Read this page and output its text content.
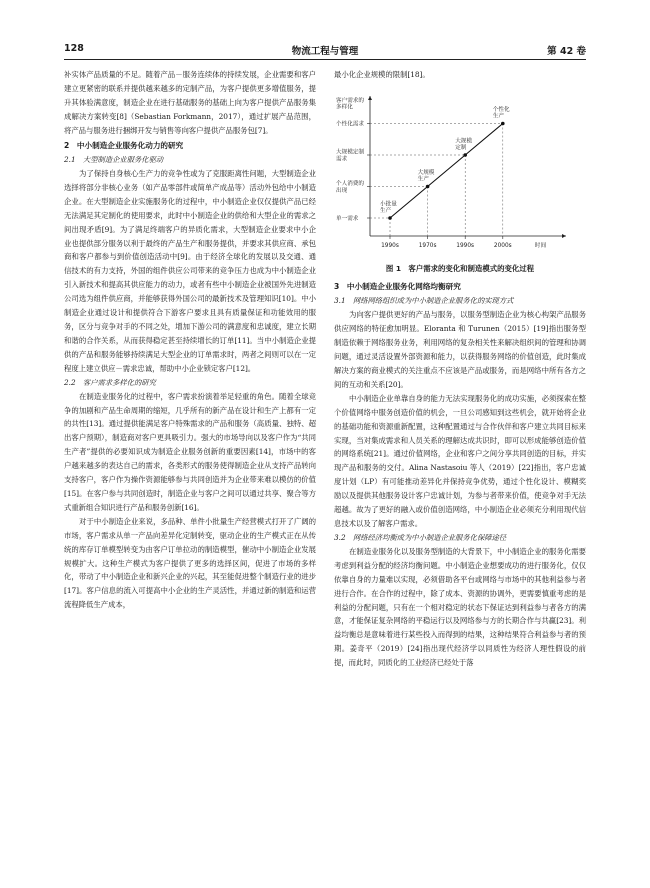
物流工程与管理
128	第 42 卷

补实体产品质量的不足。随着产品－服务连续体的持续发展，企业需要和客户建立更紧密的联系并提供越来越多的定制产品，为客户提供更多增值服务，提升其体验满意度，制造企业在进行基础服务的基础上向为客户提供产品服务集成解决方案转变[8]（Sebastian Forkmann，2017），通过扩展产品范围，将产品与服务进行捆绑开发与销售等向客户提供产品服务包[7]。

2　中小制造企业服务化动力的研究
2.1　大型制造企业服务化驱动

为了保持自身核心生产力的竞争性或为了克服距离性问题，大型制造企业选择将部分非核心业务（如产品零部件或简单产成品等）活动外包给中小制造企业。在大型制造企业实施服务化的过程中，中小制造企业仅仅提供产品已经无法满足其定制化的使用要求，此时中小制造企业的供给和大型企业的需求之间出现矛盾[9]。为了满足终端客户的异质化需求，大型制造企业要求中小企业也提供部分服务以利于最终的产品生产和服务提供，并要求其供应商、承包商和客户都参与到价值创造活动中[9]。由于经济全球化的发展以及交通、通信技术的有力支持，外国的组件供应公司带来的竞争压力也成为中小制造企业引入新技术和提高其供应能力的动力，或者有些中小制造企业被国外先进制造公司选为组件供应商，并能够获得外国公司的最新技术及管理知识[10]。中小制造企业通过设计和提供符合下游客户要求且具有质量保证和功能效用的服务，区分与竞争对手的不同之处，增加下游公司的满意度和忠诚度，建立长期和谐的合作关系，从而获得稳定甚至持续增长的订单[11]。当中小制造企业提供的产品和服务能够持续满足大型企业的订单需求时，两者之间则可以在一定程度上建立供应－需求忠诚，帮助中小企业锁定客户[12]。

2.2　客户需求多样化的研究

在制造业服务化的过程中，客户需求扮演着举足轻重的角色。随着全球竞争的加剧和产品生命周期的缩短，几乎所有的新产品在设计和生产上都有一定的共性[13]。通过提供能满足客户特殊需求的产品和服务（高质量、独特、超出客户预期），制造商对客户更具吸引力。强大的市场导向以及客户作为“共同生产者”提供的必要知识成为制造企业服务创新的重要因素[14]，市场中的客户越来越多的表达自己的需求，各类形式的服务使得制造企业从支持产品转向支持客户，客户作为操作资源能够参与共同创造并为企业带来难以模仿的价值[15]。在客户参与共同创造时，制造企业与客户之间可以通过共享、聚合等方式重新组合知识进行产品和服务创新[16]。

对于中小制造企业来说，多品种、单件小批量生产经营模式打开了广阔的市场，客户需求从单一产品向差异化定制转变，驱动企业的生产模式正在从传统的库存订单模型转变为由客户订单拉动的制造模型，催动中小制造企业发展规模扩大。这种生产模式为客户提供了更多的选择区间，促进了市场的多样化，带动了中小制造企业和新兴企业的兴起，其至能促进整个制造行业的进步[17]。客户信息的流入可提高中小企业的生产灵活性，并通过新的制造和运营流程降低生产成本，

最小化企业规模的限制[18]。

单一需求
个人消费的出现
大规模定制需求
个性化需求
客户需求的多样化
1990s	1970s	1990s	2000s	时间
小批量生产
大规模生产
大规模定制
个性化生产
图 1　客户需求的变化和制造模式的变化过程
3　中小制造企业服务化网络均衡研究
3.1　网络网络组织成为中小制造企业服务化的实现方式

为向客户提供更好的产品与服务，以服务型制造企业为核心构架产品服务供应网络的特征愈加明显。Eloranta 和 Turunen（2015）[19]指出服务型制造依赖于网络服务业务，利用网络的复杂相关性来解决组织间的管理和协调问题，通过灵活设置外部资源和能力，以获得服务网络的价值创造，此时集成解决方案的商业模式的关注重点不应该是产品或服务，而是网络中所有各方之间的互动和关系[20]。

中小制造企业单靠自身的能力无法实现服务化的成功实施，必须探索在整个价值网络中服务创造价值的机会，一旦公司感知到这些机会，就开始将企业的基础功能和资源重新配置，这种配置通过与合作伙伴和客户建立共同目标来实现，当对集成需求和人员关系的理解达成共识时，即可以形成能够创造价值的网络系统[21]。通过价值网络，企业和客户之间分享共同创造的目标，并实现产品和服务的交付。Alina Nastasoiu 等人（2019）[22]指出，客户忠诚度计划（LP）有可能推动差异化并保持竞争优势，通过个性化设计、模糊奖励以及提供其他服务设计客户忠诚计划，为参与者带来价值，使竞争对手无法超越。故为了更好的融入或价值创造网络，中小制造企业必须充分利用现代信息技术以及了解客户需求。

3.2　网络经济均衡成为中小制造企业服务化保障途径

在制造业服务化以及服务型制造的大背景下，中小制造企业的服务化需要考虑到利益分配的经济均衡问题。中小制造企业想要成功的进行服务化，仅仅依靠自身的力量难以实现，必须借助各平台或网络与市场中的其他利益参与者进行合作。在合作的过程中，除了成本、资源的协调外，更需要慎重考虑的是利益的分配问题，只有在一个相对稳定的状态下保证达到利益参与者各方的满意，才能保证复杂网络的平稳运行以及网络参与方的长期合作与共赢[23]。利益均衡总是意味着进行某些投入而得到的结果，这种结果符合利益参与者的预期。姜奇平（2019）[24]指出现代经济学以同质性为经济人理性假设的前提，而此时，同质化的工业经济已经处于落
